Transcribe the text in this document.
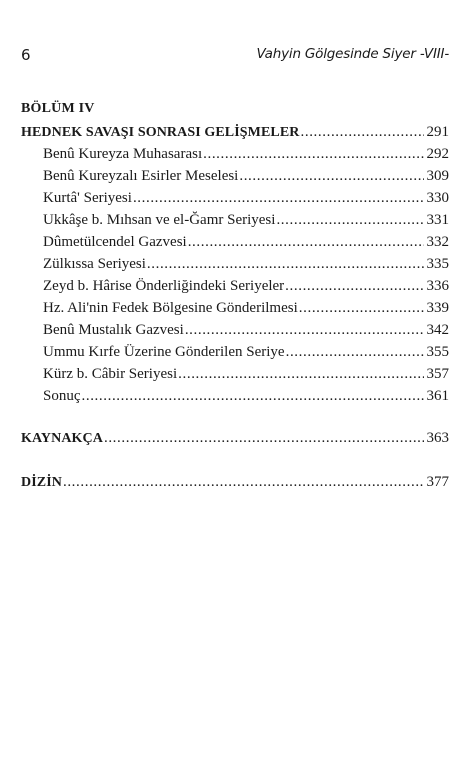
6	Vahyin Gölgesinde Siyer -VIII-
BÖLÜM IV
HEDNEK SAVAŞI SONRASI GELİŞMELER .....	291
Benû Kureyza Muhasarası .....	292
Benû Kureyzalı Esirler Meselesi .....	309
Kurtâ' Seriyesi .....	330
Ukkâşe b. Mıhsan ve el-Ğamr Seriyesi .....	331
Dûmetülcendel Gazvesi .....	332
Zülkıssa Seriyesi .....	335
Zeyd b. Hârise Önderliğindeki Seriyeler .....	336
Hz. Ali'nin Fedek Bölgesine Gönderilmesi .....	339
Benû Mustalık Gazvesi .....	342
Ummu Kırfe Üzerine Gönderilen Seriye .....	355
Kürz b. Câbir Seriyesi .....	357
Sonuç .....	361
KAYNAKÇA .....	363
DİZİN .....	377
